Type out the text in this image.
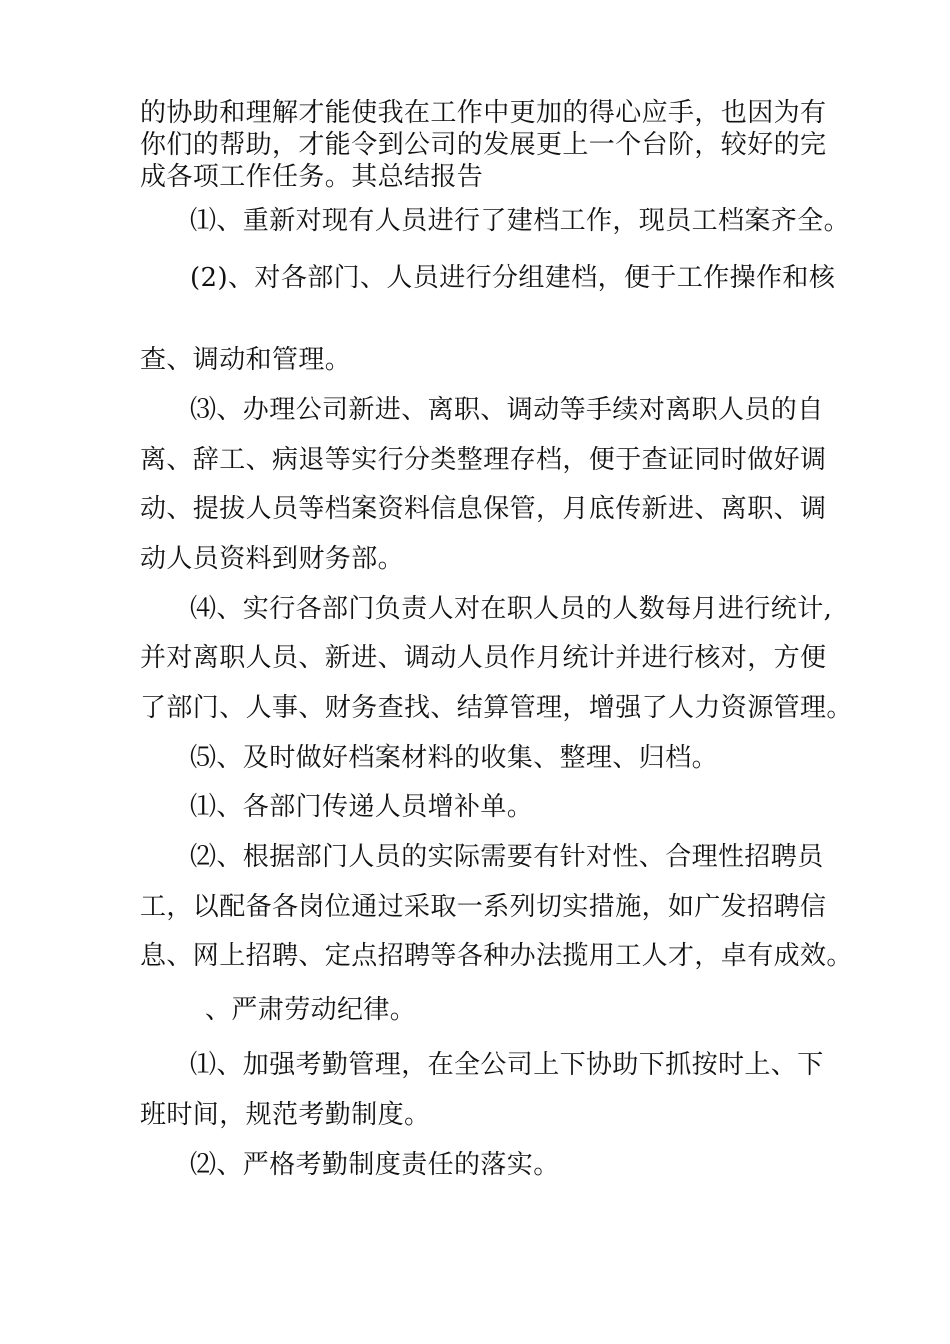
的协助和理解才能使我在工作中更加的得心应手，也因为有
你们的帮助，才能令到公司的发展更上一个台阶，较好的完
成各项工作任务。其总结报告
⑴、重新对现有人员进行了建档工作，现员工档案齐全。
(2)、对各部门、人员进行分组建档，便于工作操作和核
查、调动和管理。
⑶、办理公司新进、离职、调动等手续对离职人员的自
离、辞工、病退等实行分类整理存档，便于查证同时做好调
动、提拔人员等档案资料信息保管，月底传新进、离职、调
动人员资料到财务部。
⑷、实行各部门负责人对在职人员的人数每月进行统计,
并对离职人员、新进、调动人员作月统计并进行核对，方便
了部门、人事、财务查找、结算管理，增强了人力资源管理。
⑸、及时做好档案材料的收集、整理、归档。
⑴、各部门传递人员增补单。
⑵、根据部门人员的实际需要有针对性、合理性招聘员
工，以配备各岗位通过采取一系列切实措施，如广发招聘信
息、网上招聘、定点招聘等各种办法揽用工人才，卓有成效。
、严肃劳动纪律。
⑴、加强考勤管理，在全公司上下协助下抓按时上、下
班时间，规范考勤制度。
⑵、严格考勤制度责任的落实。
